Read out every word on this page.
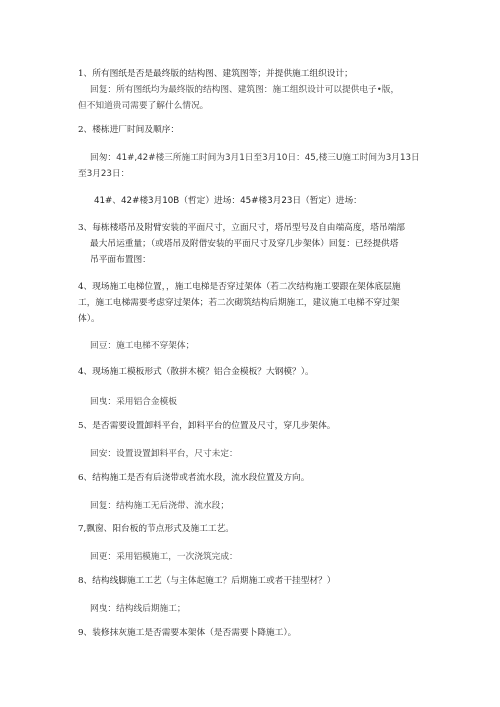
1、所有图纸是否是最终版的结构图、建筑图等；并提供施工组织设计；
回复：所有图纸均为最终版的结构图、建筑图：施工组织设计可以提供电子•版，
但不知道贵司需要了解什么情况。
2、楼栋进厂时间及顺序：
回匆：41#,42#楼三所施工时间为3月1日至3月10日：45,楼三U施工时间为3月13日
至3月23日：
41#、42#楼3月10B（哲定）进场：45#楼3月23日（暂定）进场：
3、每栋楼塔吊及附臂安装的平面尺寸，立面尺寸，塔吊型号及自由端高度，塔吊端部
最大吊运重量；（或塔吊及附借安装的平面尺寸及穿几步架体）回复：已经提供塔
吊平面布置图：
4、现场施工电梯位置，，施工电梯是否穿过架体（若二次结构施工要跟在架体底层施
工，施工电梯需要考虑穿过架体；若二次砌筑结构后期施工，建议施工电梯不穿过架
体）。
回豆：施工电梯不穿架体；
4、现场施工模板形式（散拼木模？铝合金模板？大钢模？）。
回曳：采用铝合金模板
5、是否需要设置卸料平台，卸料平台的位置及尺寸，穿几步架体。
回安：设置设置卸料平台，尺寸未定：
6、结构施工是否有后浇带或者流水段，流水段位置及方向。
回复：结构施工无后浇带、流水段；
7,飘窗、阳台板的节点形式及施工工艺。
回更：采用铝模施工，一次浇筑完成：
8、结构线脚施工工艺（与主体起施工？后期施工或者干挂型材？）
网曳：结构线后期施工；
9、装修抹灰施工是否需要本架体（是否需要卜降施工）。
